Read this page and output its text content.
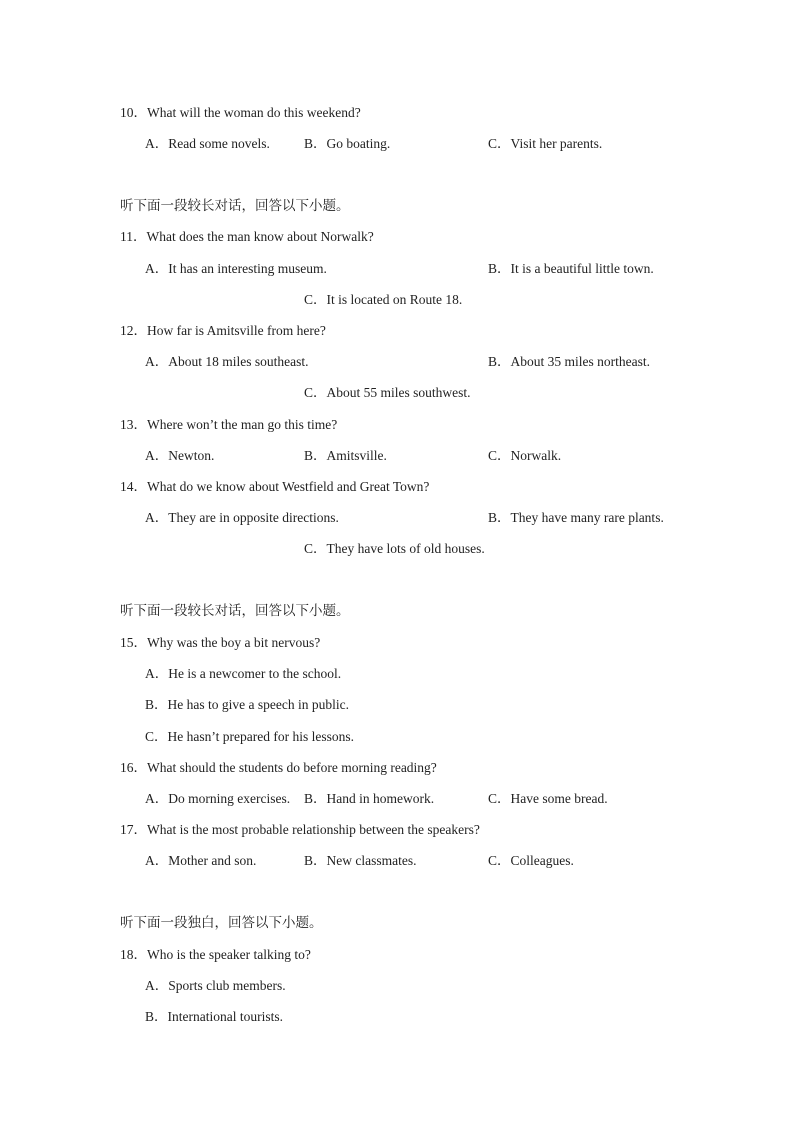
10．What will the woman do this weekend?
A．Read some novels.	B．Go boating.	C．Visit her parents.
听下面一段较长对话，回答以下小题。
11．What does the man know about Norwalk?
A．It has an interesting museum.	B．It is a beautiful little town.
C．It is located on Route 18.
12．How far is Amitsville from here?
A．About 18 miles southeast.	B．About 35 miles northeast.
C．About 55 miles southwest.
13．Where won’t the man go this time?
A．Newton.	B．Amitsville.	C．Norwalk.
14．What do we know about Westfield and Great Town?
A．They are in opposite directions.	B．They have many rare plants.
C．They have lots of old houses.
听下面一段较长对话，回答以下小题。
15．Why was the boy a bit nervous?
A．He is a newcomer to the school.
B．He has to give a speech in public.
C．He hasn’t prepared for his lessons.
16．What should the students do before morning reading?
A．Do morning exercises. B．Hand in homework.	C．Have some bread.
17．What is the most probable relationship between the speakers?
A．Mother and son.	B．New classmates.	C．Colleagues.
听下面一段独白，回答以下小题。
18．Who is the speaker talking to?
A．Sports club members.
B．International tourists.
